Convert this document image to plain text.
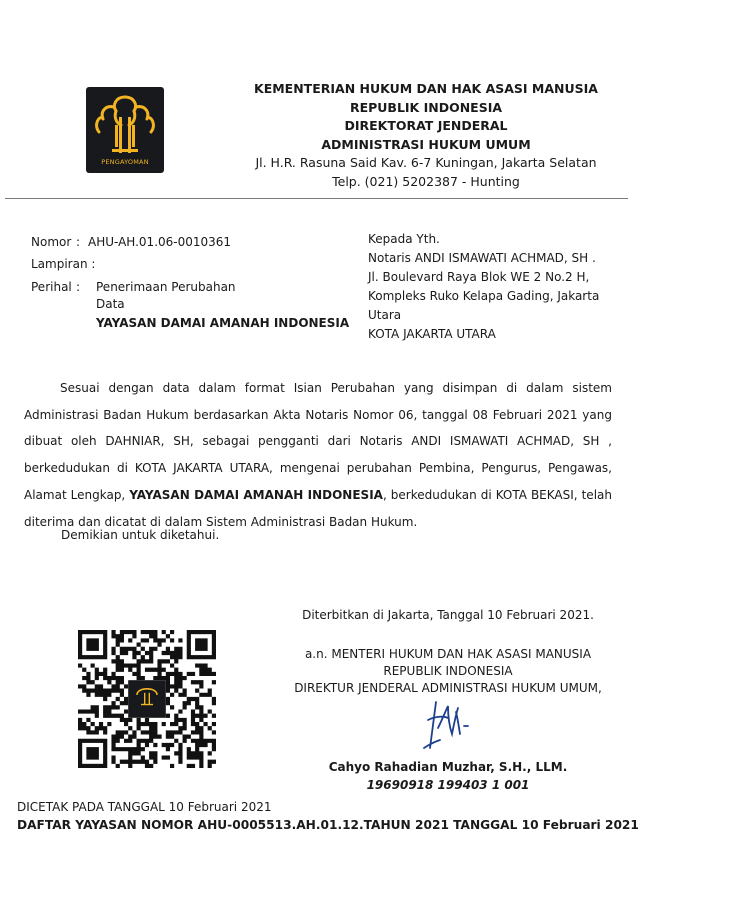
PENGAYOMAN
KEMENTERIAN HUKUM DAN HAK ASASI MANUSIA
REPUBLIK INDONESIA
DIREKTORAT JENDERAL
ADMINISTRASI HUKUM UMUM
Jl. H.R. Rasuna Said Kav. 6-7 Kuningan, Jakarta Selatan
Telp. (021) 5202387 - Hunting
Nomor : AHU-AH.01.06-0010361
Lampiran :
Perihal : Penerimaan Perubahan
Data
YAYASAN DAMAI AMANAH INDONESIA
Kepada Yth.
Notaris ANDI ISMAWATI ACHMAD, SH .
Jl. Boulevard Raya Blok WE 2 No.2 H,
Kompleks Ruko Kelapa Gading, Jakarta
Utara
KOTA JAKARTA UTARA
Sesuai dengan data dalam format Isian Perubahan yang disimpan di dalam sistem Administrasi Badan Hukum berdasarkan Akta Notaris Nomor 06, tanggal 08 Februari 2021 yang dibuat oleh DAHNIAR, SH, sebagai pengganti dari Notaris ANDI ISMAWATI ACHMAD, SH , berkedudukan di KOTA JAKARTA UTARA, mengenai perubahan Pembina, Pengurus, Pengawas, Alamat Lengkap, YAYASAN DAMAI AMANAH INDONESIA, berkedudukan di KOTA BEKASI, telah diterima dan dicatat di dalam Sistem Administrasi Badan Hukum.
Demikian untuk diketahui.
Diterbitkan di Jakarta, Tanggal 10 Februari 2021.
a.n. MENTERI HUKUM DAN HAK ASASI MANUSIA
REPUBLIK INDONESIA
DIREKTUR JENDERAL ADMINISTRASI HUKUM UMUM,
Cahyo Rahadian Muzhar, S.H., LLM.
19690918 199403 1 001
DICETAK PADA TANGGAL 10 Februari 2021
DAFTAR YAYASAN NOMOR AHU-0005513.AH.01.12.TAHUN 2021 TANGGAL 10 Februari 2021
